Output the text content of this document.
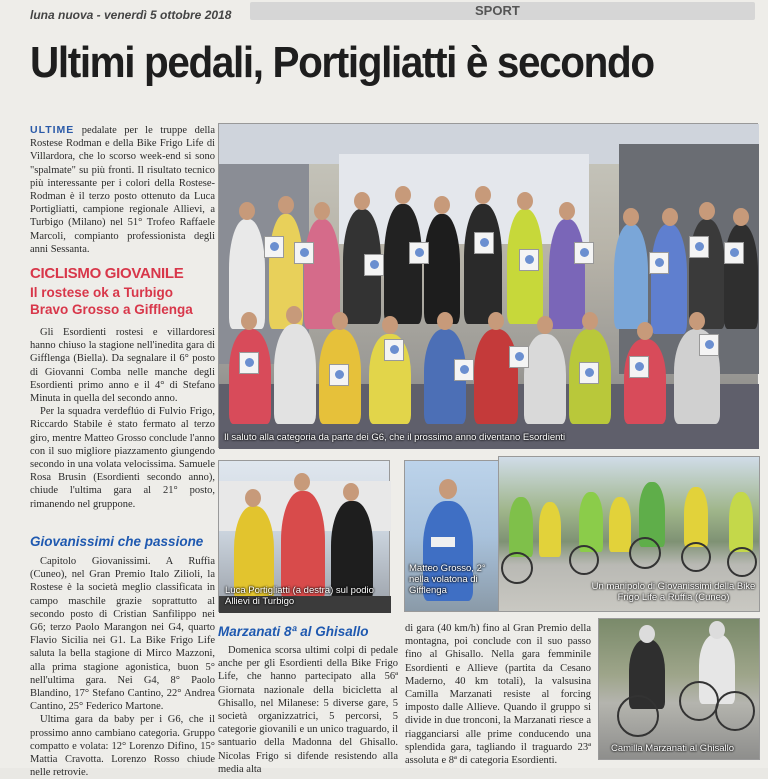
luna nuova - venerdì 5 ottobre 2018	SPORT
Ultimi pedali, Portigliatti è secondo

ULTIME pedalate per le truppe della Rostese Rodman e della Bike Frigo Life di Villardora, che lo scorso week-end si sono "spalmate" su più fronti. Il risultato tecnico più interessante per i colori della Rostese-Rodman è il terzo posto ottenuto da Luca Portigliatti, campione regionale Allievi, a Turbigo (Milano) nel 51° Trofeo Raffaele Marcoli, compianto professionista degli anni Sessanta.

CICLISMO GIOVANILE
Il rostese ok a Turbigo
Bravo Grosso a Gifflenga

Gli Esordienti rostesi e villardoresi hanno chiuso la stagione nell'inedita gara di Gifflenga (Biella). Da segnalare il 6° posto di Giovanni Comba nelle manche degli Esordienti primo anno e il 4° di Stefano Minuta in quella del secondo anno.

Per la squadra verdeflúo di Fulvio Frigo, Riccardo Stabile è stato fermato al terzo giro, mentre Matteo Grosso conclude l'anno con il suo migliore piazzamento giungendo secondo in una volata velocissima. Samuele Rosa Brusin (Esordienti secondo anno), chiude l'ultima gara al 21° posto, rimanendo nel gruppone.

Giovanissimi che passione

Capitolo Giovanissimi. A Ruffia (Cuneo), nel Gran Premio Italo Zilioli, la Rostese è la società meglio classificata in campo maschile grazie soprattutto al secondo posto di Cristian Sanfilippo nei G6; terzo Paolo Marangon nei G4, quarto Flavio Sicilia nei G1. La Bike Frigo Life saluta la bella stagione di Mirco Mazzoni, alla prima stagione agonistica, buon 5° nell'ultima gara. Nei G4, 8° Paolo Blandino, 17° Stefano Cantino, 22° Andrea Cantino, 25° Federico Martone.

Ultima gara da baby per i G6, che il prossimo anno cambiano categoria. Gruppo compatto e volata: 12° Lorenzo Difino, 15° Mattia Cravotta. Lorenzo Rosso chiude nelle retrovie.

Il saluto alla categoria da parte dei G6, che il prossimo anno diventano Esordienti
Luca Portigliatti (a destra) sul podio Allievi di Turbigo
Matteo Grosso, 2° nella volatona di Gifflenga	Un manipolo di Giovanissimi della Bike Frigo Life a Ruffia (Cuneo)
Marzanati 8ª al Ghisallo

Domenica scorsa ultimi colpi di pedale anche per gli Esordienti della Bike Frigo Life, che hanno partecipato alla 56ª Giornata nazionale della bicicletta al Ghisallo, nel Milanese: 5 diverse gare, 5 società organizzatrici, 5 percorsi, 5 categorie giovanili e un unico traguardo, il santuario della Madonna del Ghisallo. Nicolas Frigo si difende resistendo alla media alta

di gara (40 km/h) fino al Gran Premio della montagna, poi conclude con il suo passo fino al Ghisallo. Nella gara femminile Esordienti e Allieve (partita da Cesano Maderno, 40 km totali), la valsusina Camilla Marzanati resiste al forcing imposto dalle Allieve. Quando il gruppo si divide in due tronconi, la Marzanati riesce a riagganciarsi alle prime conducendo una splendida gara, tagliando il traguardo 23ª assoluta e 8ª di categoria Esordienti.

Camilla Marzanati al Ghisallo
